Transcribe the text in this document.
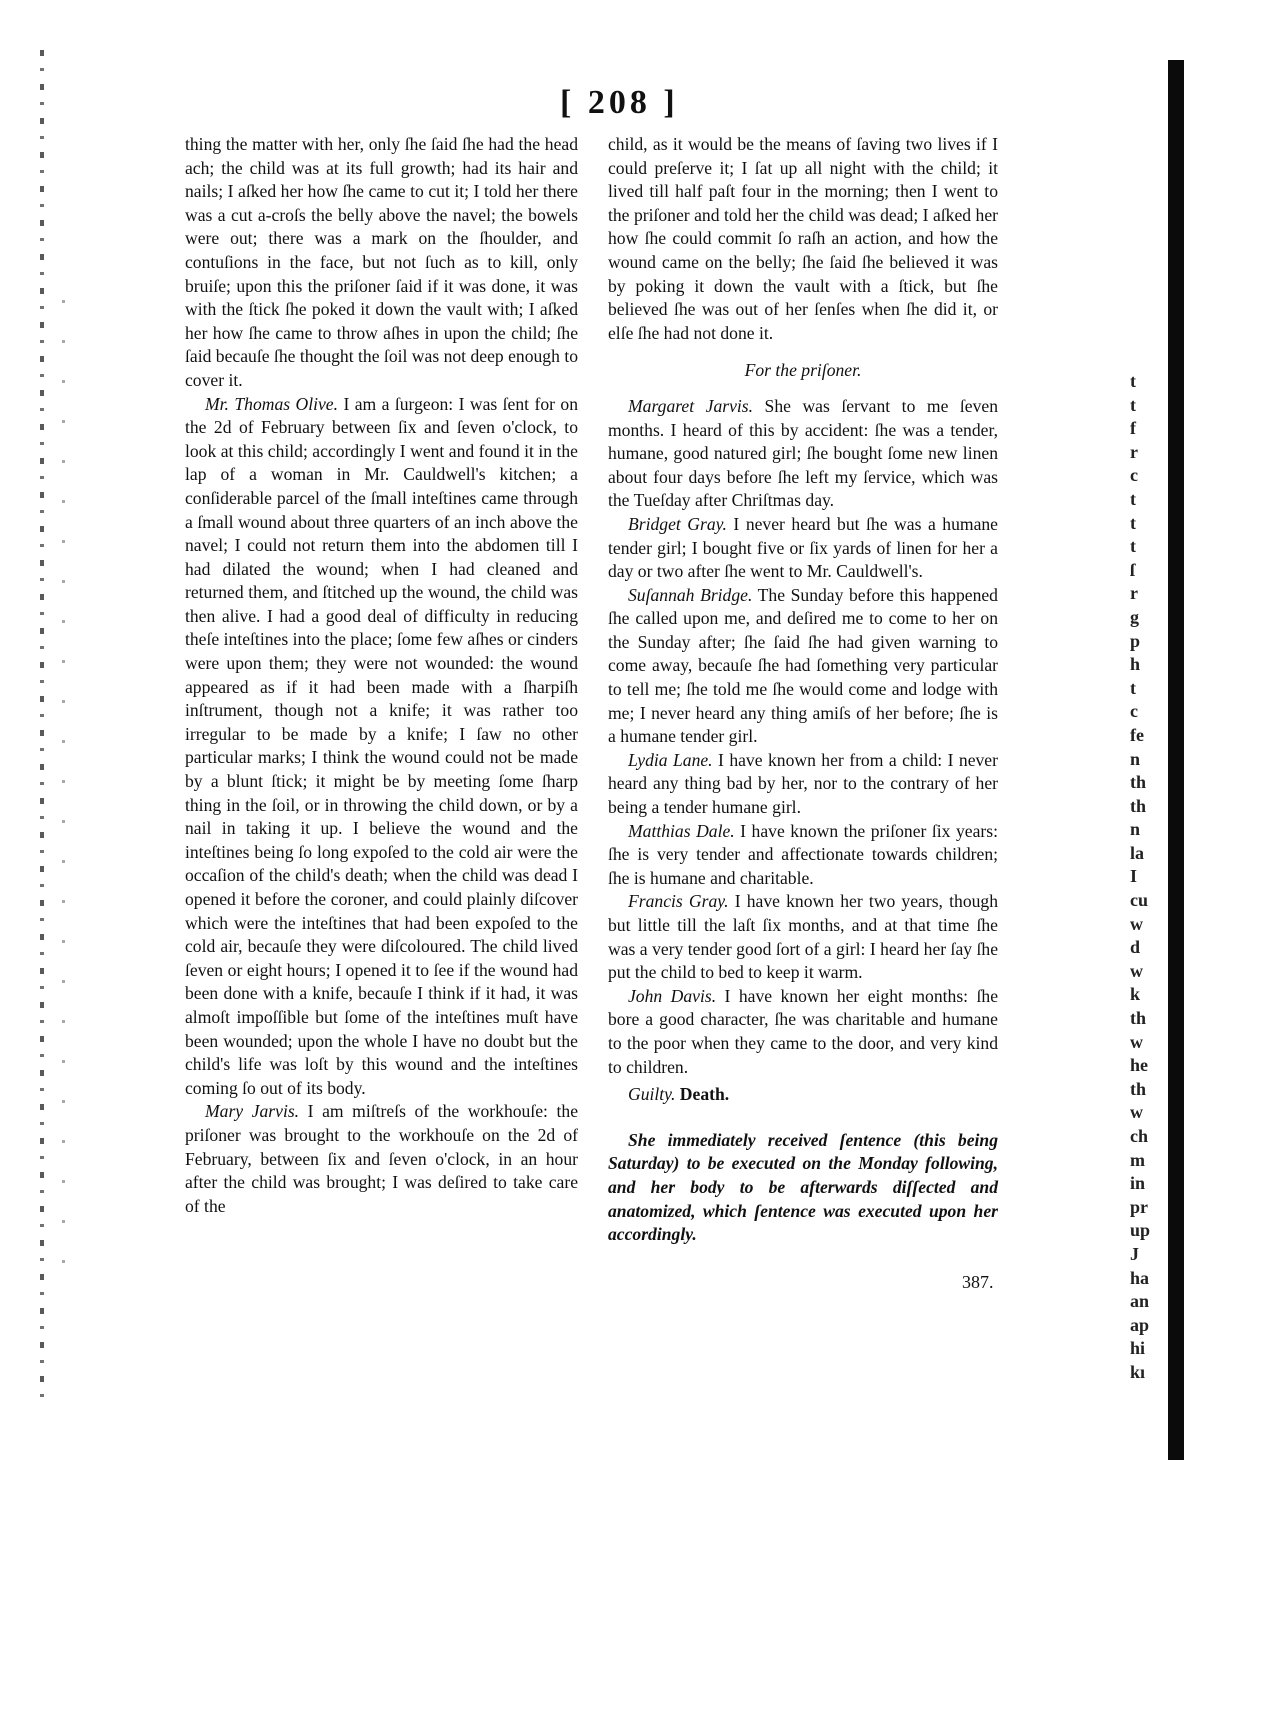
[ 208 ]

thing the matter with her, only ſhe ſaid ſhe had the head ach; the child was at its full growth; had its hair and nails; I aſked her how ſhe came to cut it; I told her there was a cut a-croſs the belly above the navel; the bowels were out; there was a mark on the ſhoulder, and contuſions in the face, but not ſuch as to kill, only bruiſe; upon this the priſoner ſaid if it was done, it was with the ſtick ſhe poked it down the vault with; I aſked her how ſhe came to throw aſhes in upon the child; ſhe ſaid becauſe ſhe thought the ſoil was not deep enough to cover it.

Mr. Thomas Olive. I am a ſurgeon: I was ſent for on the 2d of February between ſix and ſeven o'clock, to look at this child; accordingly I went and found it in the lap of a woman in Mr. Cauldwell's kitchen; a conſiderable parcel of the ſmall inteſtines came through a ſmall wound about three quarters of an inch above the navel; I could not return them into the abdomen till I had dilated the wound; when I had cleaned and returned them, and ſtitched up the wound, the child was then alive. I had a good deal of difficulty in reducing theſe inteſtines into the place; ſome few aſhes or cinders were upon them; they were not wounded: the wound appeared as if it had been made with a ſharpiſh inſtrument, though not a knife; it was rather too irregular to be made by a knife; I ſaw no other particular marks; I think the wound could not be made by a blunt ſtick; it might be by meeting ſome ſharp thing in the ſoil, or in throwing the child down, or by a nail in taking it up. I believe the wound and the inteſtines being ſo long expoſed to the cold air were the occaſion of the child's death; when the child was dead I opened it before the coroner, and could plainly diſcover which were the inteſtines that had been expoſed to the cold air, becauſe they were diſcoloured. The child lived ſeven or eight hours; I opened it to ſee if the wound had been done with a knife, becauſe I think if it had, it was almoſt impoſſible but ſome of the inteſtines muſt have been wounded; upon the whole I have no doubt but the child's life was loſt by this wound and the inteſtines coming ſo out of its body.

Mary Jarvis. I am miſtreſs of the workhouſe: the priſoner was brought to the workhouſe on the 2d of February, between ſix and ſeven o'clock, in an hour after the child was brought; I was deſired to take care of the

child, as it would be the means of ſaving two lives if I could preſerve it; I ſat up all night with the child; it lived till half paſt four in the morning; then I went to the priſoner and told her the child was dead; I aſked her how ſhe could commit ſo raſh an action, and how the wound came on the belly; ſhe ſaid ſhe believed it was by poking it down the vault with a ſtick, but ſhe believed ſhe was out of her ſenſes when ſhe did it, or elſe ſhe had not done it.

For the priſoner.

Margaret Jarvis. She was ſervant to me ſeven months. I heard of this by accident: ſhe was a tender, humane, good natured girl; ſhe bought ſome new linen about four days before ſhe left my ſervice, which was the Tueſday after Chriſtmas day.

Bridget Gray. I never heard but ſhe was a humane tender girl; I bought five or ſix yards of linen for her a day or two after ſhe went to Mr. Cauldwell's.

Suſannah Bridge. The Sunday before this happened ſhe called upon me, and deſired me to come to her on the Sunday after; ſhe ſaid ſhe had given warning to come away, becauſe ſhe had ſomething very particular to tell me; ſhe told me ſhe would come and lodge with me; I never heard any thing amiſs of her before; ſhe is a humane tender girl.

Lydia Lane. I have known her from a child: I never heard any thing bad by her, nor to the contrary of her being a tender humane girl.

Matthias Dale. I have known the priſoner ſix years: ſhe is very tender and affectionate towards children; ſhe is humane and charitable.

Francis Gray. I have known her two years, though but little till the laſt ſix months, and at that time ſhe was a very tender good ſort of a girl: I heard her ſay ſhe put the child to bed to keep it warm.

John Davis. I have known her eight months: ſhe bore a good character, ſhe was charitable and humane to the poor when they came to the door, and very kind to children.

Guilty. Death.

She immediately received ſentence (this being Saturday) to be executed on the Monday following, and her body to be afterwards diſſected and anatomized, which ſentence was executed upon her accordingly.

387.
t
t
f
r
c
t
t
t
ſ
r
g
p
h
t
c
fe
n
th
th
n
la
I
cu
w
d
w
k
th
w
he
th
w
ch
m
in
pr
up
J
ha
an
ap
hi
kı
